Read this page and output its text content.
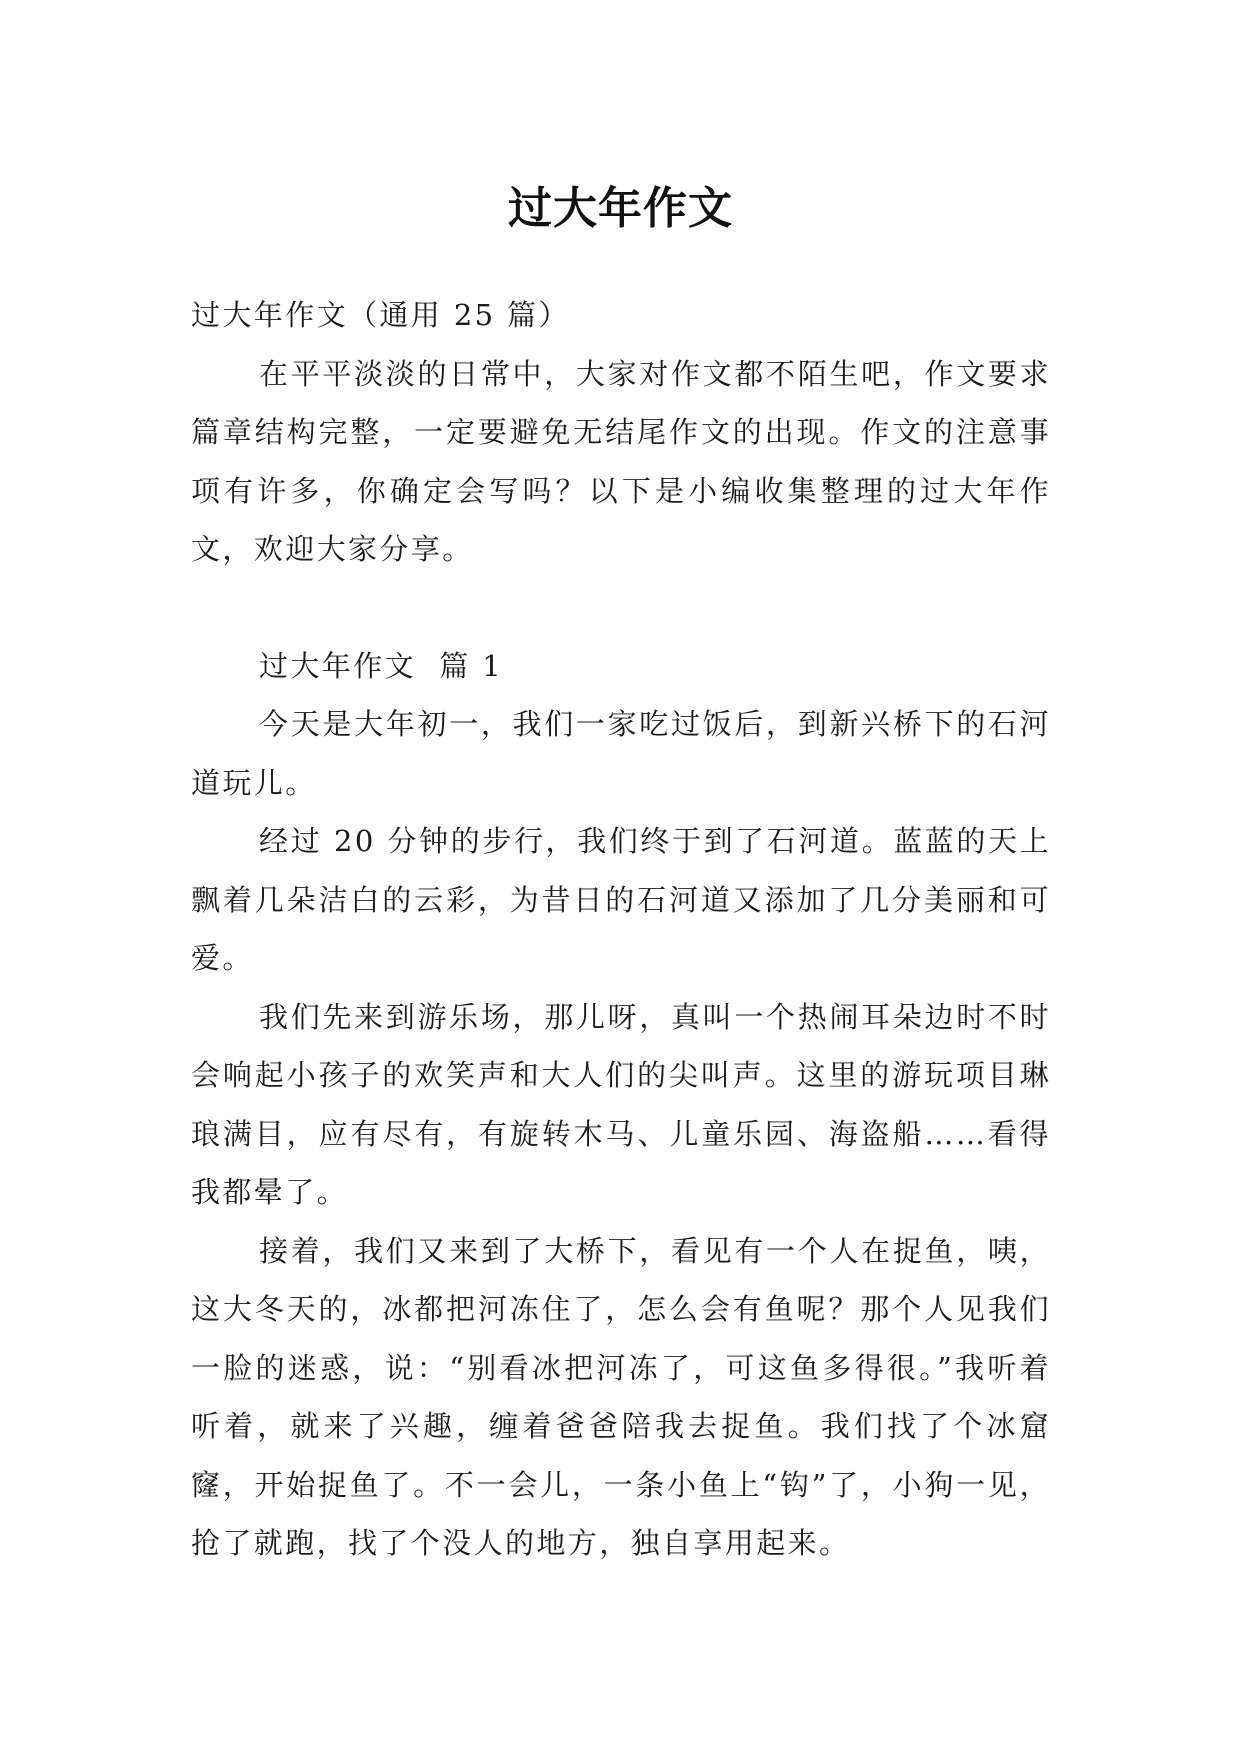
过大年作文

过大年作文（通用 25 篇）

在平平淡淡的日常中，大家对作文都不陌生吧，作文要求篇章结构完整，一定要避免无结尾作文的出现。作文的注意事项有许多，你确定会写吗？以下是小编收集整理的过大年作文，欢迎大家分享。

过大年作文  篇 1

今天是大年初一，我们一家吃过饭后，到新兴桥下的石河道玩儿。

经过 20 分钟的步行，我们终于到了石河道。蓝蓝的天上飘着几朵洁白的云彩，为昔日的石河道又添加了几分美丽和可爱。

我们先来到游乐场，那儿呀，真叫一个热闹耳朵边时不时会响起小孩子的欢笑声和大人们的尖叫声。这里的游玩项目琳琅满目，应有尽有，有旋转木马、儿童乐园、海盗船……看得我都晕了。

接着，我们又来到了大桥下，看见有一个人在捉鱼，咦，这大冬天的，冰都把河冻住了，怎么会有鱼呢？那个人见我们一脸的迷惑，说：“别看冰把河冻了，可这鱼多得很。”我听着听着，就来了兴趣，缠着爸爸陪我去捉鱼。我们找了个冰窟窿，开始捉鱼了。不一会儿，一条小鱼上“钩”了，小狗一见，抢了就跑，找了个没人的地方，独自享用起来。
